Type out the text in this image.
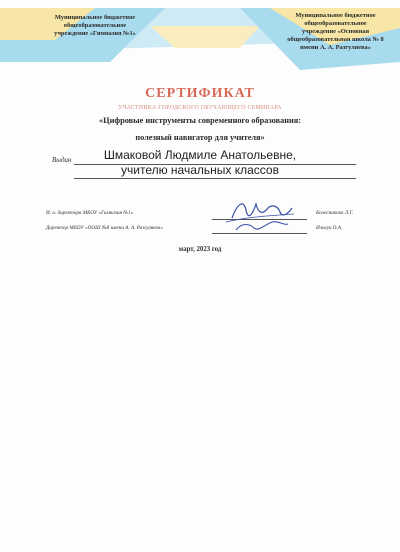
Муниципальное бюджетное
общеобразовательное
учреждение «Гимназия №1»
Муниципальное бюджетное
общеобразовательное
учреждение «Основная
общеобразовательная школа № 8
имени А. А. Разгуляева»
СЕРТИФИКАТ
УЧАСТНИКА ГОРОДСКОГО ОБУЧАЮЩЕГО СЕМИНАРА
«Цифровые инструменты современного образования:
полезный навигатор для учителя»
Выдан	Шмаковой Людмиле Анатольевне,
учителю начальных классов
И. о. директора МБОУ «Гимназия №1»	Колесникова Л.Г.
Директор МБОУ «ООШ №8 имени А. А. Разгуляева»	Ильчук О.А.
март, 2023 год
